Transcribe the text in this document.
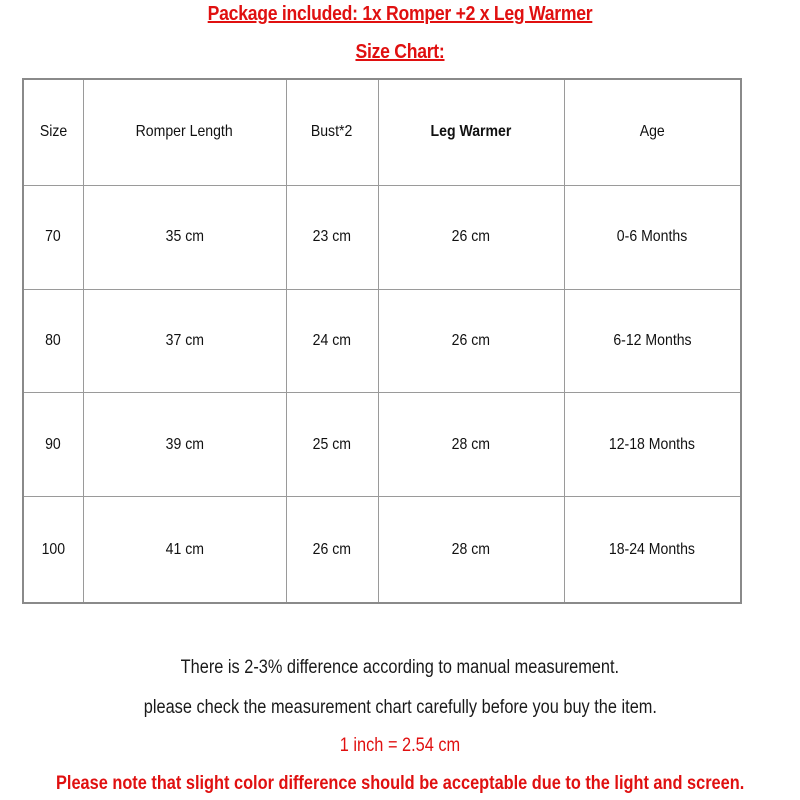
Package included: 1x Romper +2 x Leg Warmer
Size Chart:
Size	Romper Length	Bust*2	Leg Warmer	Age
70	35 cm	23 cm	26 cm	0-6 Months
80	37 cm	24 cm	26 cm	6-12 Months
90	39 cm	25 cm	28 cm	12-18 Months
100	41 cm	26 cm	28 cm	18-24 Months
There is 2-3% difference according to manual measurement.
please check the measurement chart carefully before you buy the item.
1 inch = 2.54 cm
Please note that slight color difference should be acceptable due to the light and screen.
